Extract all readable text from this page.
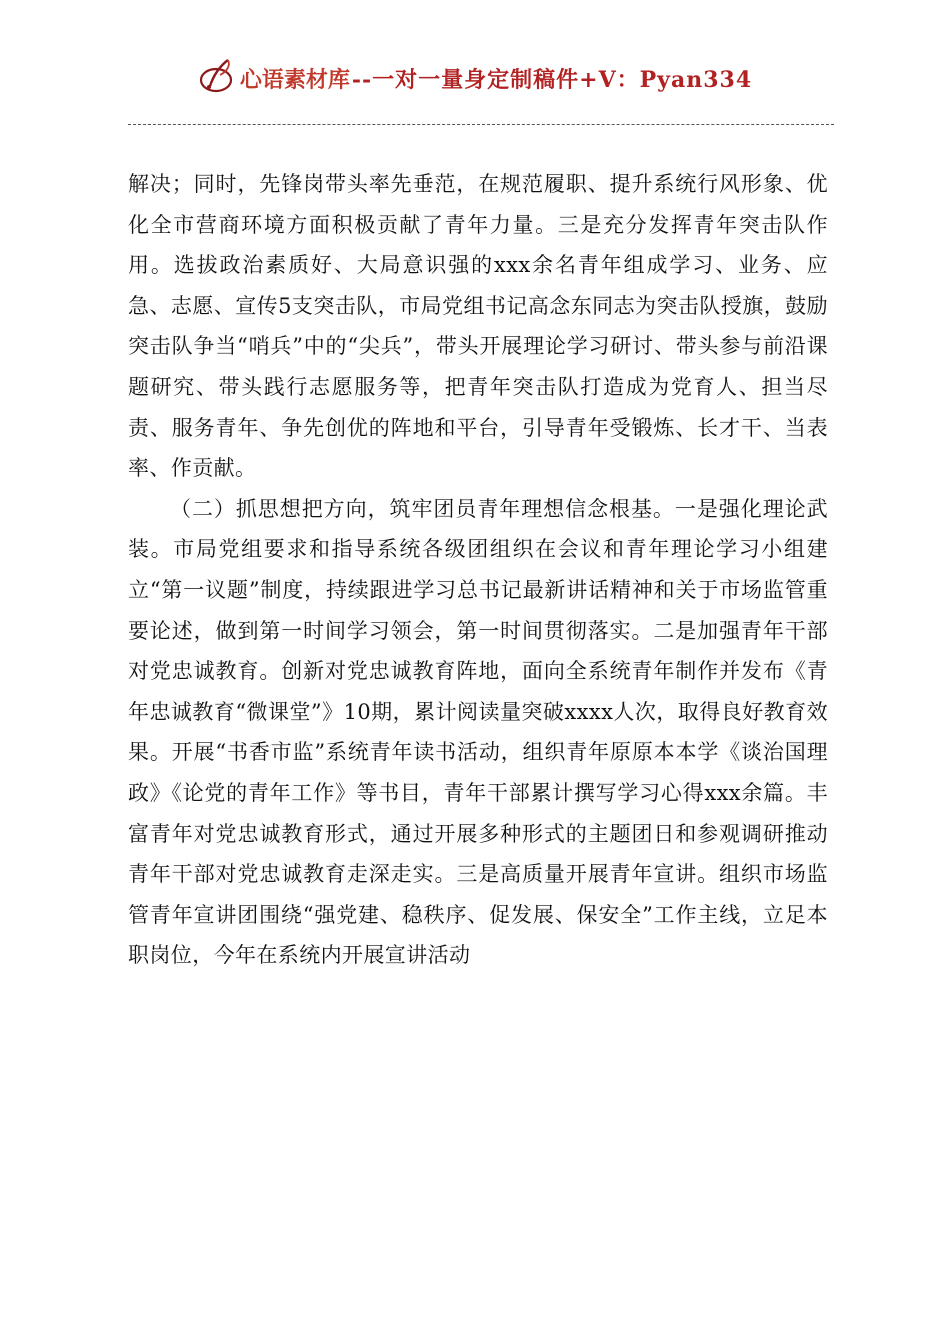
心语素材库 --一对一量身定制稿件+V：Pyan334

解决；同时，先锋岗带头率先垂范，在规范履职、提升系统行风形象、优化全市营商环境方面积极贡献了青年力量。三是充分发挥青年突击队作用。选拔政治素质好、大局意识强的xxx余名青年组成学习、业务、应急、志愿、宣传5支突击队，市局党组书记高念东同志为突击队授旗，鼓励突击队争当“哨兵”中的“尖兵”，带头开展理论学习研讨、带头参与前沿课题研究、带头践行志愿服务等，把青年突击队打造成为党育人、担当尽责、服务青年、争先创优的阵地和平台，引导青年受锻炼、长才干、当表率、作贡献。

（二）抓思想把方向，筑牢团员青年理想信念根基。一是强化理论武装。市局党组要求和指导系统各级团组织在会议和青年理论学习小组建立“第一议题”制度，持续跟进学习总书记最新讲话精神和关于市场监管重要论述，做到第一时间学习领会，第一时间贯彻落实。二是加强青年干部对党忠诚教育。创新对党忠诚教育阵地，面向全系统青年制作并发布《青年忠诚教育“微课堂”》10期，累计阅读量突破xxxx人次，取得良好教育效果。开展“书香市监”系统青年读书活动，组织青年原原本本学《谈治国理政》《论党的青年工作》等书目，青年干部累计撰写学习心得xxx余篇。丰富青年对党忠诚教育形式，通过开展多种形式的主题团日和参观调研推动青年干部对党忠诚教育走深走实。三是高质量开展青年宣讲。组织市场监管青年宣讲团围绕“强党建、稳秩序、促发展、保安全”工作主线，立足本职岗位，今年在系统内开展宣讲活动
